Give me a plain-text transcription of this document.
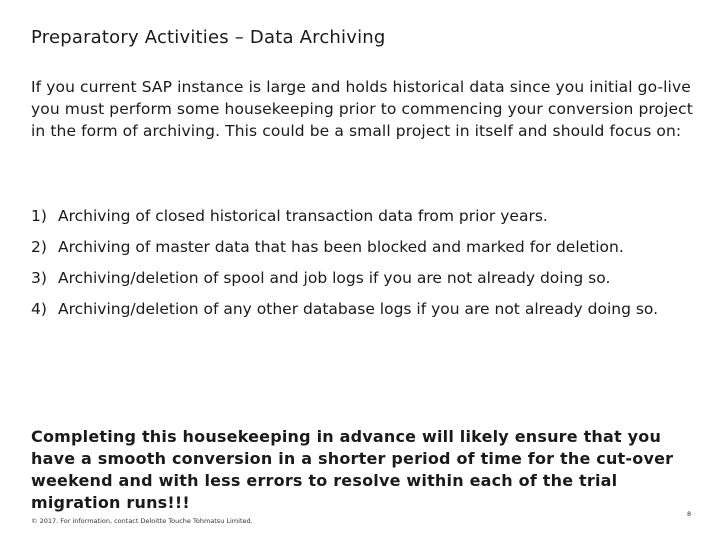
Preparatory Activities – Data Archiving
If you current SAP instance is large and holds historical data since you initial go-live you must perform some housekeeping prior to commencing your conversion project in the form of archiving. This could be a small project in itself and should focus on:
1) Archiving of closed historical transaction data from prior years.
2) Archiving of master data that has been blocked and marked for deletion.
3) Archiving/deletion of spool and job logs if you are not already doing so.
4) Archiving/deletion of any other database logs if you are not already doing so.
Completing this housekeeping in advance will likely ensure that you have a smooth conversion in a shorter period of time for the cut-over weekend and with less errors to resolve within each of the trial migration runs!!!
© 2017. For information, contact Deloitte Touche Tohmatsu Limited.
8
